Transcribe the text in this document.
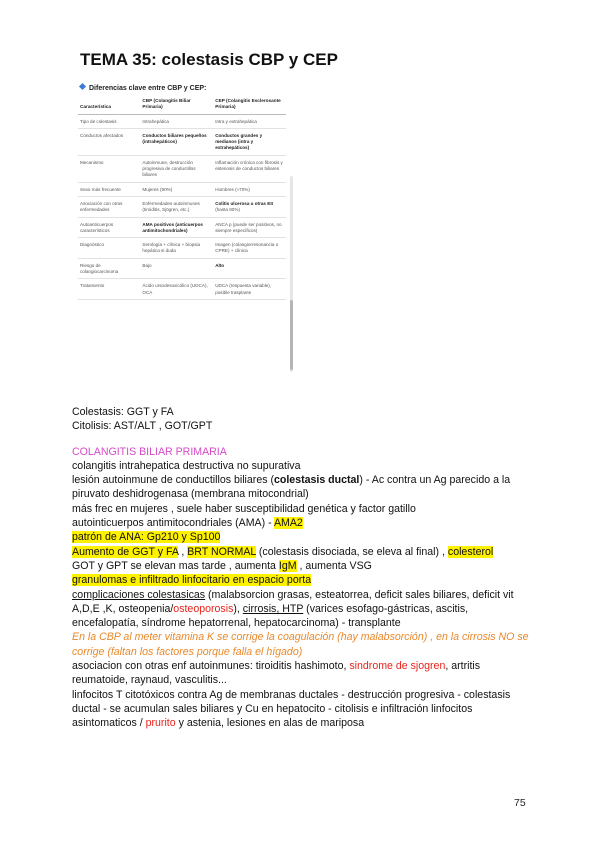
TEMA 35: colestasis CBP y CEP
Diferencias clave entre CBP y CEP:
Característica	CBP (Colangitis Biliar Primaria)	CEP (Colangitis Esclerosante Primaria)
Tipo de colestasis	Intrahepática	Intra y extrahepática
Conductos afectados	Conductos biliares pequeños (intrahepáticos)	Conductos grandes y medianos (intra y extrahepáticos)
Mecanismo	Autoinmune, destrucción progresiva de conductillos biliares	Inflamación crónica con fibrosis y estenosis de conductos biliares
Sexo más frecuente	Mujeres (90%)	Hombres (≈70%)
Asociación con otras enfermedades	Enfermedades autoinmunes (tiroiditis, Sjögren, etc.)	Colitis ulcerosa u otras EII (hasta 80%)
Autoanticuerpos característicos	AMA positivos (anticuerpos antimitochondriales)	ANCA p (puede ser positivos, no siempre específicos)
Diagnóstico	Serología + clínica + biopsia hepática si duda	Imagen (colangiorresonancia o CPRE) + clínica
Riesgo de colangiocarcinoma	Bajo	Alto
Tratamiento	Ácido ursodesoxicólico (UDCA), OCA	UDCA (respuesta variable), posible trasplante

Colestasis: GGT y FA

Citolisis: AST/ALT , GOT/GPT

COLANGITIS BILIAR PRIMARIA

colangitis intrahepatica destructiva no supurativa

lesión autoinmune de conductillos biliares (colestasis ductal) - Ac contra un Ag parecido a la piruvato deshidrogenasa (membrana mitocondrial)

más frec en mujeres , suele haber susceptibilidad genética y factor gatillo

autointicuerpos antimitocondriales (AMA) - AMA2

patrón de ANA: Gp210 y Sp100

Aumento de GGT y FA , BRT NORMAL (colestasis disociada, se eleva al final) , colesterol

GOT y GPT se elevan mas tarde , aumenta IgM , aumenta VSG

granulomas e infiltrado linfocitario en espacio porta

complicaciones colestasicas (malabsorcion grasas, esteatorrea, deficit sales biliares, deficit vit A,D,E ,K, osteopenia/osteoporosis), cirrosis, HTP (varices esofago-gástricas, ascitis, encefalopatía, síndrome hepatorrenal, hepatocarcinoma) - transplante

En la CBP al meter vitamina K se corrige la coagulación (hay malabsorción) , en la cirrosis NO se corrige (faltan los factores porque falla el hígado)

asociacion con otras enf autoinmunes: tiroiditis hashimoto, sindrome de sjogren, artritis reumatoide, raynaud, vasculitis...

linfocitos T citotóxicos contra Ag de membranas ductales - destrucción progresiva - colestasis ductal - se acumulan sales biliares y Cu en hepatocito - citolisis e infiltración linfocitos

asintomaticos / prurito y astenia, lesiones en alas de mariposa

75
